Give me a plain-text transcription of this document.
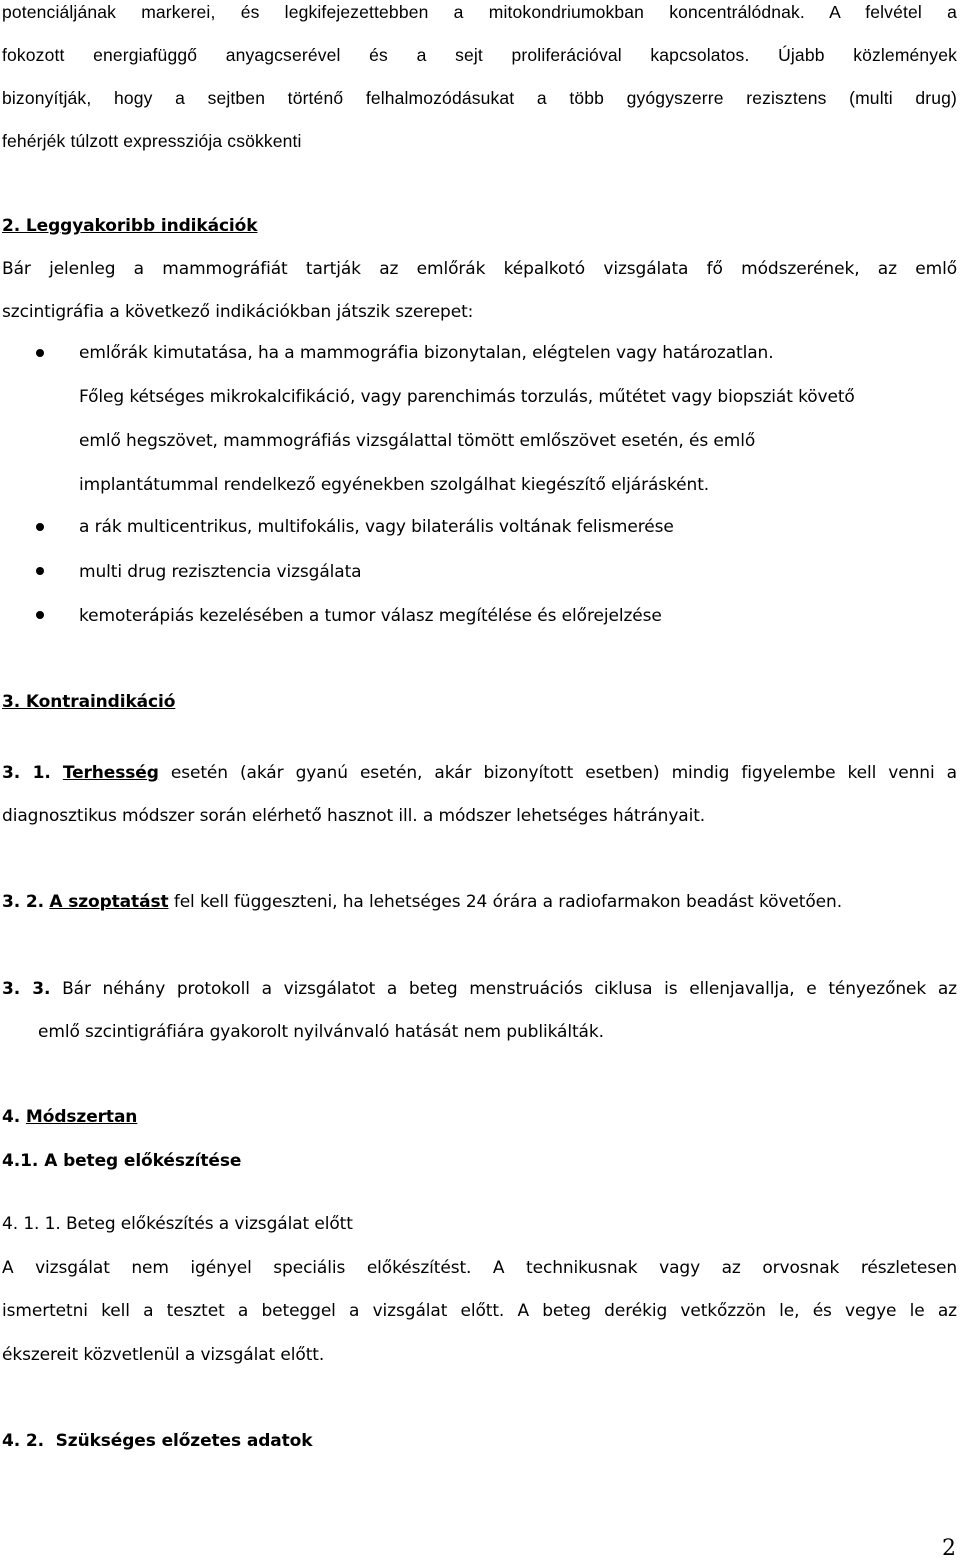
potenciáljának markerei, és legkifejezettebben a mitokondriumokban koncentrálódnak. A felvétel a
fokozott energiafüggő anyagcserével és a sejt proliferációval kapcsolatos. Újabb közlemények
bizonyítják, hogy a sejtben történő felhalmozódásukat a több gyógyszerre rezisztens (multi drug)
fehérjék túlzott expressziója csökkenti
2. Leggyakoribb indikációk
Bár jelenleg a mammográfiát tartják az emlőrák képalkotó vizsgálata fő módszerének, az emlő
szcintigráfia a következő indikációkban játszik szerepet:
emlőrák kimutatása, ha a mammográfia bizonytalan, elégtelen vagy határozatlan.
Főleg kétséges mikrokalcifikáció, vagy parenchimás torzulás, műtétet vagy biopsziát követő
emlő hegszövet, mammográfiás vizsgálattal tömött emlőszövet esetén, és emlő
implantátummal rendelkező egyénekben szolgálhat kiegészítő eljárásként.
a rák multicentrikus, multifokális, vagy bilaterális voltának felismerése
multi drug rezisztencia vizsgálata
kemoterápiás kezelésében a tumor válasz megítélése és előrejelzése
3. Kontraindikáció
3. 1. Terhesség esetén (akár gyanú esetén, akár bizonyított esetben) mindig figyelembe kell venni a
diagnosztikus módszer során elérhető hasznot ill. a módszer lehetséges hátrányait.
3. 2. A szoptatást fel kell függeszteni, ha lehetséges 24 órára a radiofarmakon beadást követően.
3. 3. Bár néhány protokoll a vizsgálatot a beteg menstruációs ciklusa is ellenjavallja, e tényezőnek az
emlő szcintigráfiára gyakorolt nyilvánvaló hatását nem publikálták.
4. Módszertan
4.1. A beteg előkészítése
4. 1. 1. Beteg előkészítés a vizsgálat előtt
A vizsgálat nem igényel speciális előkészítést. A technikusnak vagy az orvosnak részletesen
ismertetni kell a tesztet a beteggel a vizsgálat előtt. A beteg derékig vetkőzzön le, és vegye le az
ékszereit közvetlenül a vizsgálat előtt.
4. 2. Szükséges előzetes adatok
2
